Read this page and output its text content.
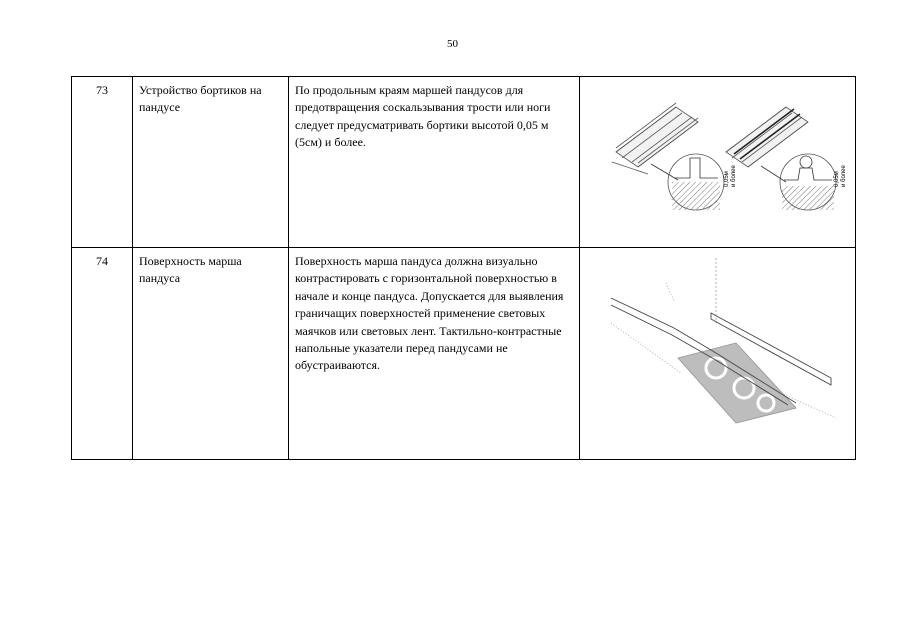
50
73	Устройство бортиков на пандусе	По продольным краям маршей пандусов для предотвращения соскальзывания трости или ноги следует предусматривать бортики высотой 0,05 м (5см) и более.	0,05м и более 0,05м и более

74	Поверхность марша пандуса	Поверхность марша пандуса должна визуально контрастировать с горизонтальной поверхностью в начале и конце пандуса. Допускается для выявления граничащих поверхностей применение световых маячков или световых лент. Тактильно-контрастные напольные указатели перед пандусами не обустраиваются.	
